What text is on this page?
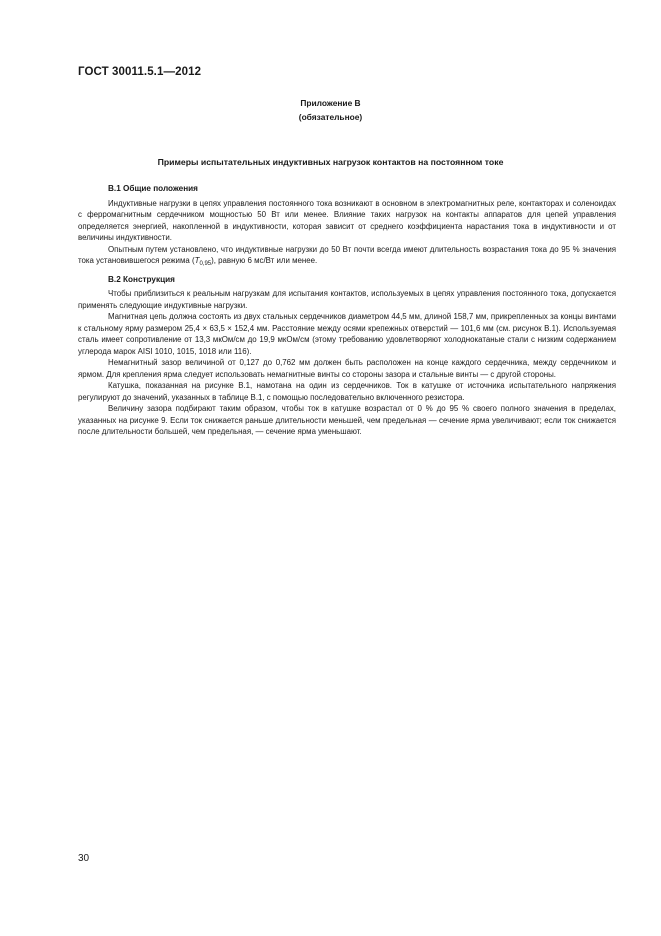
ГОСТ 30011.5.1—2012
Приложение В
(обязательное)
Примеры испытательных индуктивных нагрузок контактов на постоянном токе
В.1 Общие положения

Индуктивные нагрузки в цепях управления постоянного тока возникают в основном в электромагнитных реле, контакторах и соленоидах с ферромагнитным сердечником мощностью 50 Вт или менее. Влияние таких нагрузок на контакты аппаратов для цепей управления определяется энергией, накопленной в индуктивности, которая зависит от среднего коэффициента нарастания тока в индуктивности и от величины индуктивности.

Опытным путем установлено, что индуктивные нагрузки до 50 Вт почти всегда имеют длительность возрастания тока до 95 % значения тока установившегося режима $(T_{0,95})$, равную 6 мс/Вт или менее.

В.2 Конструкция

Чтобы приблизиться к реальным нагрузкам для испытания контактов, используемых в цепях управления постоянного тока, допускается применять следующие индуктивные нагрузки.

Магнитная цепь должна состоять из двух стальных сердечников диаметром 44,5 мм, длиной 158,7 мм, прикрепленных за концы винтами к стальному ярму размером 25,4 × 63,5 × 152,4 мм. Расстояние между осями крепежных отверстий — 101,6 мм (см. рисунок В.1). Используемая сталь имеет сопротивление от 13,3 мкОм/см до 19,9 мкОм/см (этому требованию удовлетворяют холоднокатаные стали с низким содержанием углерода марок AISI 1010, 1015, 1018 или 116).

Немагнитный зазор величиной от 0,127 до 0,762 мм должен быть расположен на конце каждого сердечника, между сердечником и ярмом. Для крепления ярма следует использовать немагнитные винты со стороны зазора и стальные винты — с другой стороны.

Катушка, показанная на рисунке В.1, намотана на один из сердечников. Ток в катушке от источника испытательного напряжения регулируют до значений, указанных в таблице В.1, с помощью последовательно включенного резистора.

Величину зазора подбирают таким образом, чтобы ток в катушке возрастал от 0 % до 95 % своего полного значения в пределах, указанных на рисунке 9. Если ток снижается раньше длительности меньшей, чем предельная — сечение ярма увеличивают; если ток снижается после длительности большей, чем предельная, — сечение ярма уменьшают.

30
